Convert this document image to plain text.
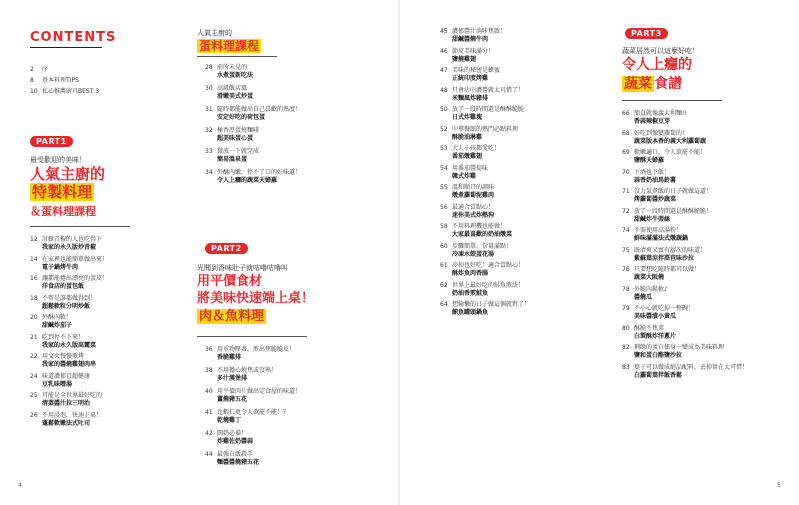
CONTENTS
2	序
8	基本料理TIPS
10 私心推薦廚具BEST 3
PART1
最受歡迎的美味！
人氣主廚的
特製料理
＆蛋料理課程
12 討厭青椒的人也吃得下
我家的永久版炒青椒
14 在家裡也能簡單做出來！
電子鍋烤牛肉
16 讓都能捲出漂亮的蛋皮！
洋食店的蛋包飯
18 不管是誰都做得到！
超鬆軟粒分明炒飯
20 外酥內軟！
甜鹹炸茄子
21 吃到停不下來！
我家的永久版高麗菜
22 用文火慢慢煎烤
我家的醬燒雞翅肉串
24 味道濃郁且超健康
豆乳味噌湯
25 可能是全世界最好吃的
清蒸醬汁拉三明治
26 不用浸泡，快速上桌！
蓬鬆軟嫩法式吐司
人氣主廚的
蛋料理課程
28 前所未見的
水煮蛋新吃法
30 高級飯店風
滑嫩美式炒蛋
31 隨時都能做出自己喜歡的熟度！
安定好吃的荷包蛋
32 極香厚蛋燒麵啡
超美味蛋心蛋
33 微波一下就完成
簡易溫泉蛋
34 外酥內嫩，停不了口的好味道！
令人上癮的蔬菜天婦羅
PART2
光聞到香味肚子就咕嚕咕嚕叫
用平價食材
將美味快速端上桌！
肉＆魚料理
36 用重物壓著，煎出焦脆脆皮！
香脆雞排
38 不用擔心燒焦或沒熟！
多汁漢堡排
40 用平價肉片做出定食屋的味道！
薑燒豬五花
41 比蝦仁更令人欲罷不能！？
乾燒雞丁
42 闊奶必備！
炸雞佐奶醬蒜
44 最強白飯殺手
麵醬醬燒豬五花
45 濃郁醬汁淌咔焦啟！
甜鹹醬燒牛肉
46 節皮美味滿分！
鹽燒雞翅
47 美味的秘密是蜂蜜
正統印度烤雞
48 只會沾中濃醬就太可惜了！
米麵風炸豬排
50 放了一段時間還是酥酥脆脆
日式炸雞塊
52 中華餐館的熱門必點料理
酥脆油淋雞
53 大人小孩都愛吃！
番茄燉雞翅
54 用番茄醬提味
韓式炸雞
55 溫和順口的調味
燉煮蘿蔔泥雞肉
56 最適合當點心！
迷你美式炸熱狗
58 不用料理機也能做！
大家最喜歡的奶油燉菜
60 步驟簡單，份量滿點！
冷凍水餃蛋花湯
61 冷掉也好吃！適合當點心！
酥炸魚肉香腸
62 世界上最好吃的鮭魚煎法！
奶油香煎鮭魚
64 想偷懶的日子做這個就對了！
鮪魚罐頭鍋魚
PART3
蔬菜居然可以這麼好吃！
令人上癮的
蔬菜 食譜
66 簡直就像義大利麵!!
香蒜辣椒豆芽
68 好吃到像變蘿蔔的!
蔬菜版本香的義大利蘿蔔蔬
69 軟嫩適口，令人欲罷不能！
鹽酥天婦羅
70 下酒也下飯！
蒜香奶油馬鈴薯
71 沒力氣煮飯的日子就做這道！
烤蘿蔔醬炒蔬菜
72 放了一段時間還是酥酥脆脆！
甜鹹炸牛蒡絲
74 不需使用高湯粉！
鮮味滿滿法式燉蔬鍋
75 既清爽又富有層次的味道！
紫蘇葉涼拌萵苣味沙拉
76 只要想吃隨時都可以做！
蔬菜大阪燒
78 外脆內鬆軟♪
醬燒瓜
79 不小心就吃掉一整碗！
美味醬漬小黃瓜
80 酥脆不焦菜
白製酥炸洋蔥片
82 剩餘的蛋白搖身一變成為美味料理
鹽和蛋白酪鹽沙拉
83 葉子可以做成絕品配料，丟掉實在太可惜！
白蘿蔔葉拌飯香鬆
4	5
